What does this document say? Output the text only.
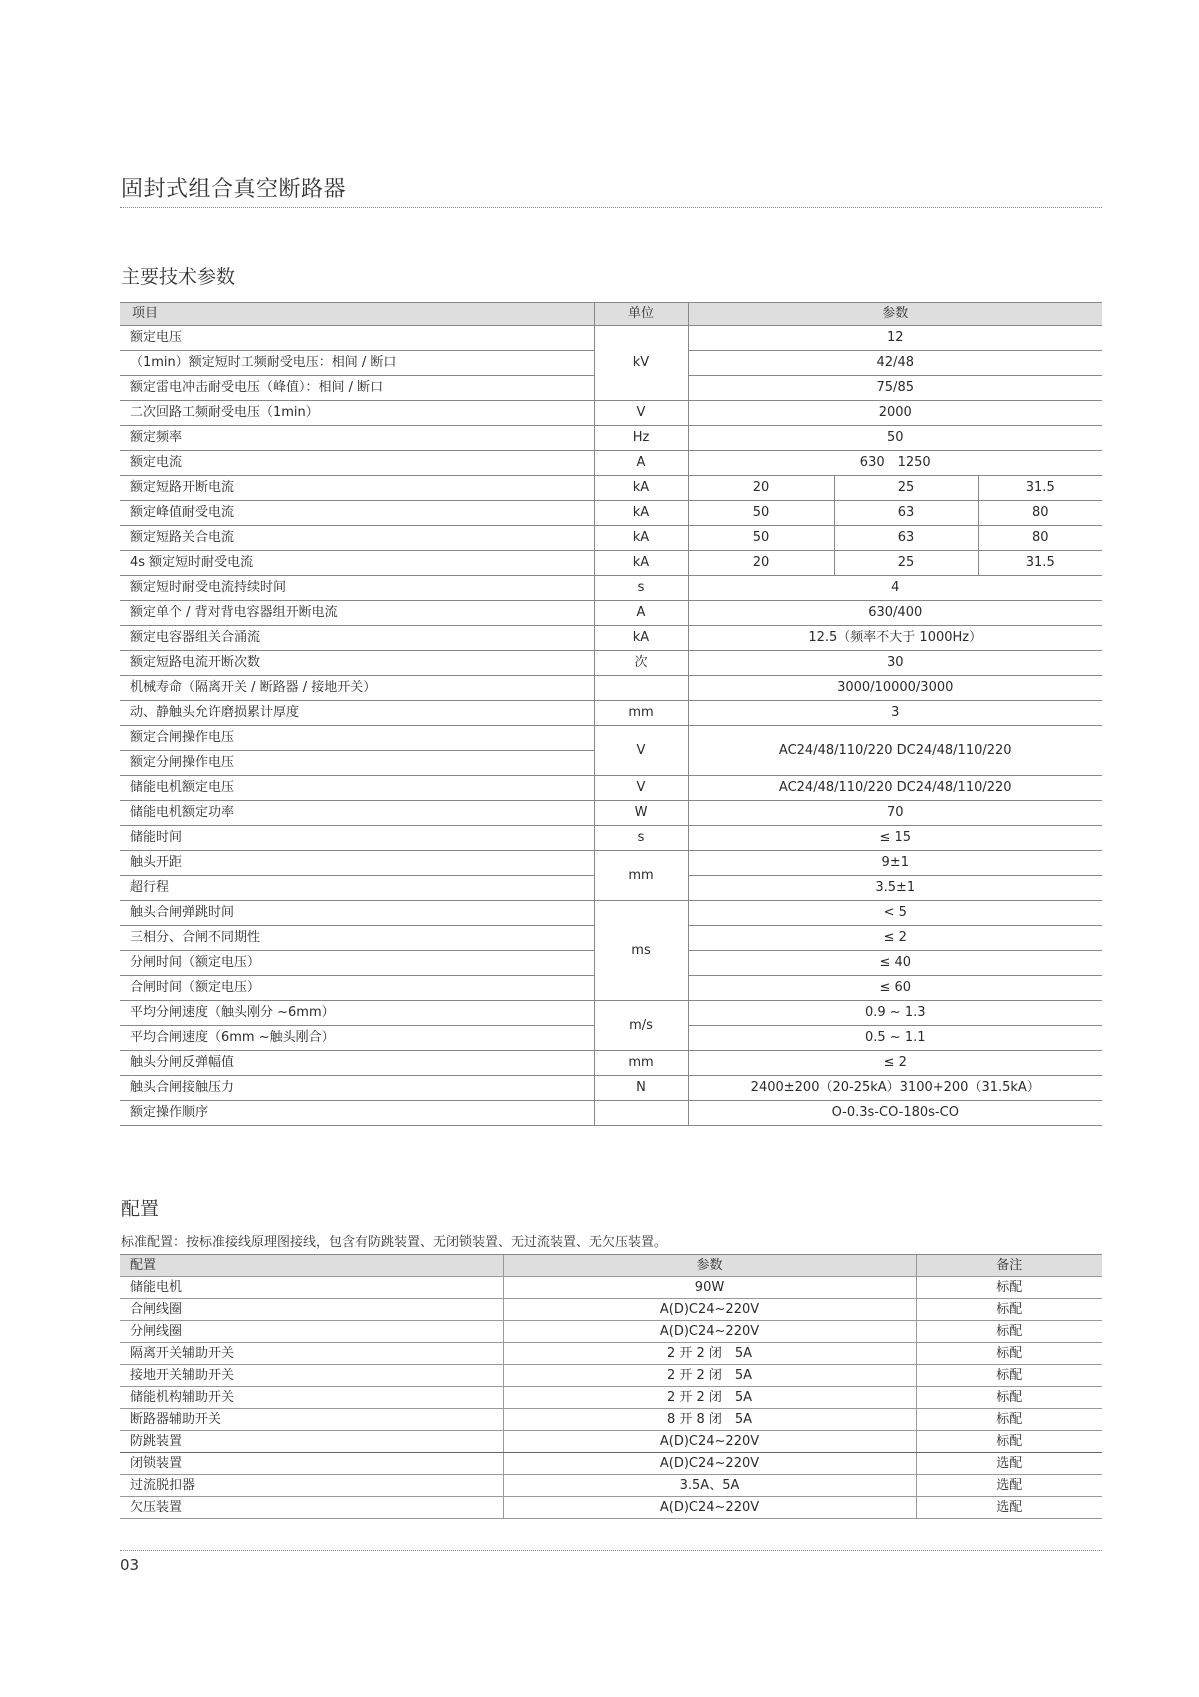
固封式组合真空断路器
主要技术参数
项目	单位	参数		
额定电压	kV	12		
（1min）额定短时工频耐受电压：相间 / 断口		42/48		
额定雷电冲击耐受电压（峰值）：相间 / 断口		75/85		
二次回路工频耐受电压（1min）	V	2000		
额定频率	Hz	50		
额定电流	A	630　1250		
额定短路开断电流	kA	20	25	31.5
额定峰值耐受电流	kA	50	63	80
额定短路关合电流	kA	50	63	80
4s 额定短时耐受电流	kA	20	25	31.5
额定短时耐受电流持续时间	s	4		
额定单个 / 背对背电容器组开断电流	A	630/400		
额定电容器组关合涌流	kA	12.5（频率不大于 1000Hz）		
额定短路电流开断次数	次	30		
机械寿命（隔离开关 / 断路器 / 接地开关）		3000/10000/3000		
动、静触头允许磨损累计厚度	mm	3		
额定合闸操作电压	V	AC24/48/110/220 DC24/48/110/220		
额定分闸操作电压				
储能电机额定电压	V	AC24/48/110/220 DC24/48/110/220		
储能电机额定功率	W	70		
储能时间	s	≤ 15		
触头开距	mm	9±1		
超行程		3.5±1		
触头合闸弹跳时间	ms	< 5		
三相分、合闸不同期性		≤ 2		
分闸时间（额定电压）		≤ 40		
合闸时间（额定电压）		≤ 60		
平均分闸速度（触头刚分 ~6mm）	m/s	0.9 ~ 1.3		
平均合闸速度（6mm ~触头刚合）		0.5 ~ 1.1		
触头分闸反弹幅值	mm	≤ 2		
触头合闸接触压力	N	2400±200（20-25kA）3100+200（31.5kA）		
额定操作顺序		O-0.3s-CO-180s-CO		
配置
标准配置：按标准接线原理图接线，包含有防跳装置、无闭锁装置、无过流装置、无欠压装置。
配置	参数	备注
储能电机	90W	标配
合闸线圈	A(D)C24~220V	标配
分闸线圈	A(D)C24~220V	标配
隔离开关辅助开关	2 开 2 闭　5A	标配
接地开关辅助开关	2 开 2 闭　5A	标配
储能机构辅助开关	2 开 2 闭　5A	标配
断路器辅助开关	8 开 8 闭　5A	标配
防跳装置	A(D)C24~220V	标配
闭锁装置	A(D)C24~220V	选配
过流脱扣器	3.5A、5A	选配
欠压装置	A(D)C24~220V	选配
03
